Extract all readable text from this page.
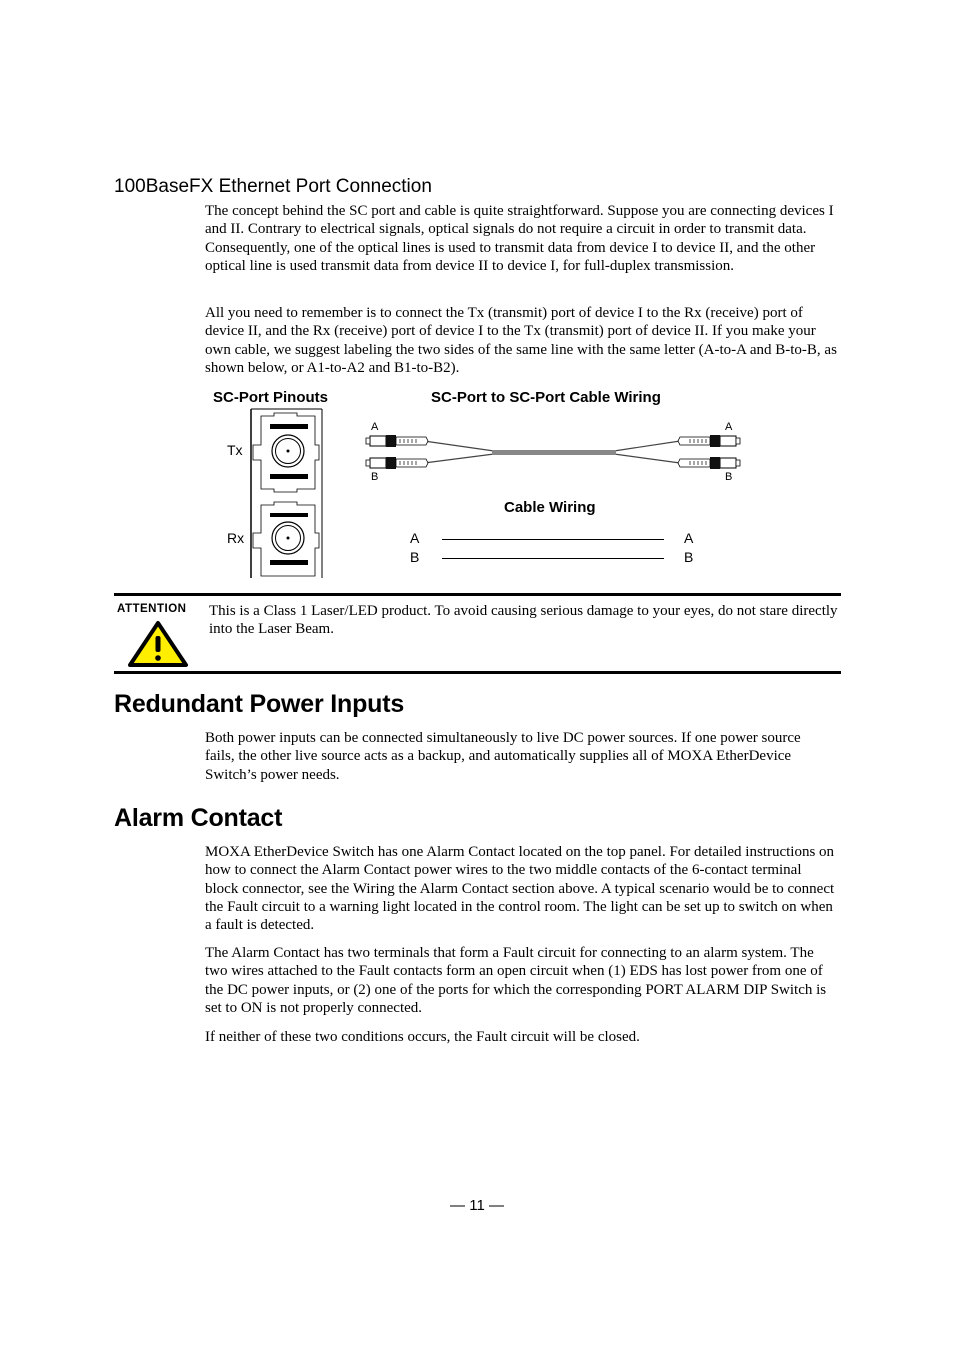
100BaseFX Ethernet Port Connection

The concept behind the SC port and cable is quite straightforward. Suppose you are connecting devices I and II. Contrary to electrical signals, optical signals do not require a circuit in order to transmit data. Consequently, one of the optical lines is used to transmit data from device I to device II, and the other optical line is used transmit data from device II to device I, for full-duplex transmission.

All you need to remember is to connect the Tx (transmit) port of device I to the Rx (receive) port of device II, and the Rx (receive) port of device I to the Tx (transmit) port of device II. If you make your own cable, we suggest labeling the two sides of the same line with the same letter (A-to-A and B-to-B, as shown below, or A1-to-A2 and B1-to-B2).

SC-Port Pinouts
Tx
Rx
SC-Port to SC-Port Cable Wiring
A
B
A
B
Cable Wiring
A
B
A
B
ATTENTION This is a Class 1 Laser/LED product. To avoid causing serious damage to your eyes, do not stare directly into the Laser Beam.

Redundant Power Inputs

Both power inputs can be connected simultaneously to live DC power sources. If one power source fails, the other live source acts as a backup, and automatically supplies all of MOXA EtherDevice Switch’s power needs.

Alarm Contact

MOXA EtherDevice Switch has one Alarm Contact located on the top panel. For detailed instructions on how to connect the Alarm Contact power wires to the two middle contacts of the 6-contact terminal block connector, see the Wiring the Alarm Contact section above. A typical scenario would be to connect the Fault circuit to a warning light located in the control room. The light can be set up to switch on when a fault is detected.

The Alarm Contact has two terminals that form a Fault circuit for connecting to an alarm system. The two wires attached to the Fault contacts form an open circuit when (1) EDS has lost power from one of the DC power inputs, or (2) one of the ports for which the corresponding PORT ALARM DIP Switch is set to ON is not properly connected.

If neither of these two conditions occurs, the Fault circuit will be closed.

— 11 —
